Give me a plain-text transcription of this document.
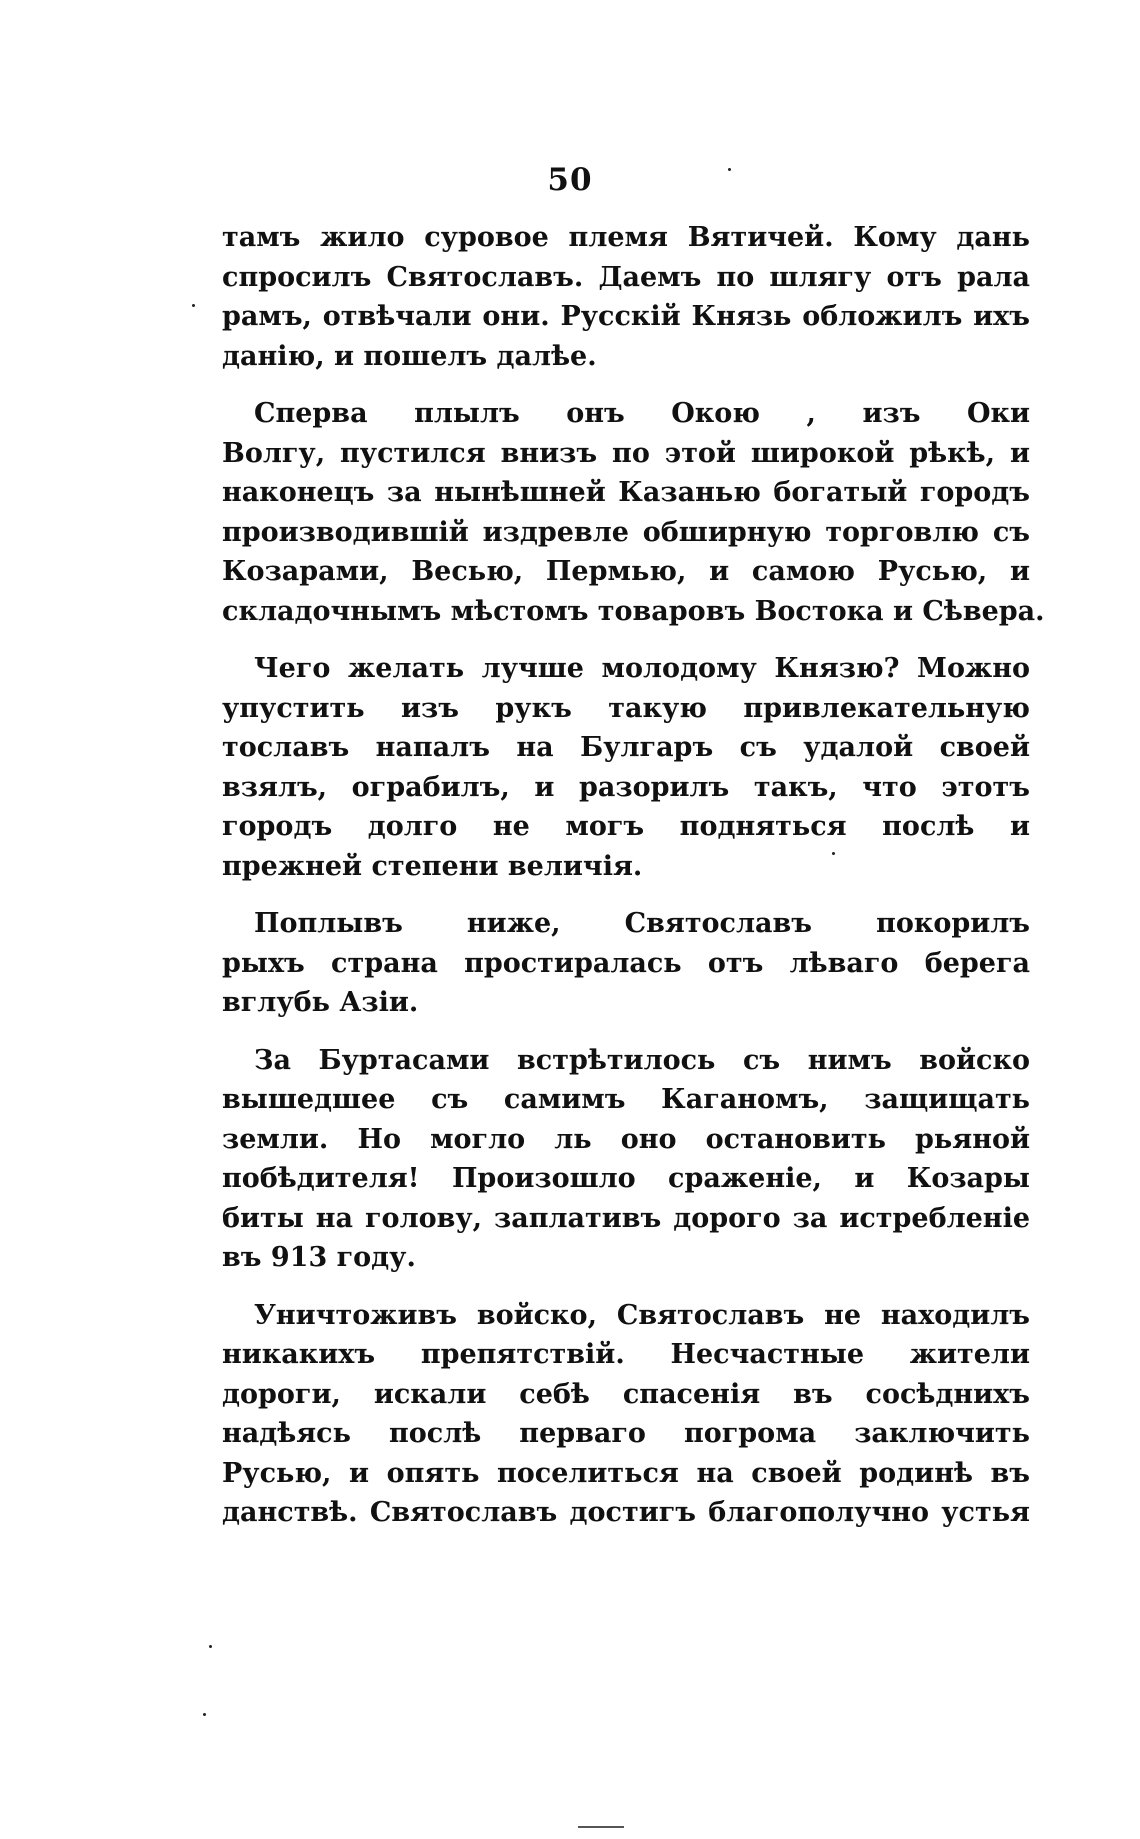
50
тамъ жило суровое племя Вятичей. Кому дань
спросилъ Святославъ. Даемъ по шлягу отъ рала
рамъ, отвѣчали они. Русскій Князь обложилъ ихъ
данію, и пошелъ далѣе.
Сперва плылъ онъ Окою , изъ Оки
Волгу, пустился внизъ по этой широкой рѣкѣ, и
наконецъ за нынѣшней Казанью богатый городъ
производившій издревле обширную торговлю съ
Козарами, Весью, Пермью, и самою Русью, и
складочнымъ мѣстомъ товаровъ Востока и Сѣвера.
Чего желать лучше молодому Князю? Можно
упустить изъ рукъ такую привлекательную
тославъ напалъ на Булгаръ съ удалой своей
взялъ, ограбилъ, и разорилъ такъ, что этотъ
городъ долго не могъ подняться послѣ и
прежней степени величія.
Поплывъ ниже, Святославъ покорилъ
рыхъ страна простиралась отъ лѣваго берега
вглубь Азіи.
За Буртасами встрѣтилось съ нимъ войско
вышедшее съ самимъ Каганомъ, защищать
земли. Но могло ль оно остановить рьяной
побѣдителя! Произошло сраженіе, и Козары
биты на голову, заплативъ дорого за истребленіе
въ 913 году.
Уничтоживъ войско, Святославъ не находилъ
никакихъ препятствій. Несчастные жители
дороги, искали себѣ спасенія въ сосѣднихъ
надѣясь послѣ перваго погрома заключить
Русью, и опять поселиться на своей родинѣ въ
данствѣ. Святославъ достигъ благополучно устья
